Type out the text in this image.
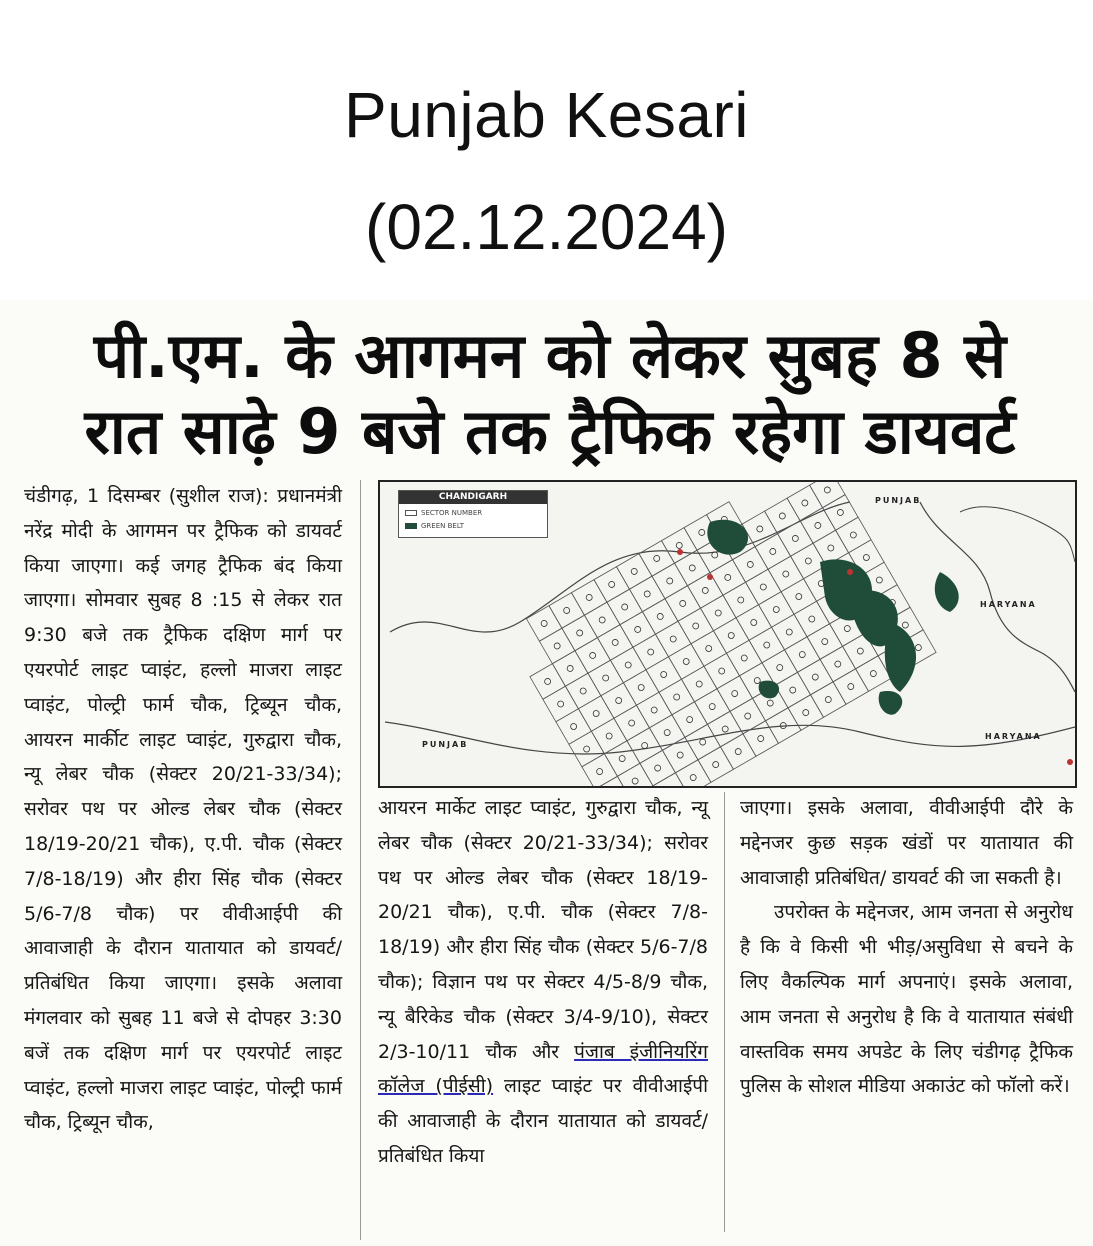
Punjab Kesari
(02.12.2024)
पी.एम. के आगमन को लेकर सुबह 8 से
रात साढ़े 9 बजे तक ट्रैफिक रहेगा डायवर्ट
चंडीगढ़, 1 दिसम्बर (सुशील राज): प्रधानमंत्री नरेंद्र मोदी के आगमन पर ट्रैफिक को डायवर्ट किया जाएगा। कई जगह ट्रैफिक बंद किया जाएगा। सोमवार सुबह 8 :15 से लेकर रात 9:30 बजे तक ट्रैफिक दक्षिण मार्ग पर एयरपोर्ट लाइट प्वाइंट, हल्लो माजरा लाइट प्वाइंट, पोल्ट्री फार्म चौक, ट्रिब्यून चौक, आयरन मार्कीट लाइट प्वाइंट, गुरुद्वारा चौक, न्यू लेबर चौक (सेक्टर 20/21-33/34); सरोवर पथ पर ओल्ड लेबर चौक (सेक्टर 18/19-20/21 चौक), ए.पी. चौक (सेक्टर 7/8-18/19) और हीरा सिंह चौक (सेक्टर 5/6-7/8 चौक) पर वीवीआईपी की आवाजाही के दौरान यातायात को डायवर्ट/प्रतिबंधित किया जाएगा। इसके अलावा मंगलवार को सुबह 11 बजे से दोपहर 3:30 बजें तक दक्षिण मार्ग पर एयरपोर्ट लाइट प्वाइंट, हल्लो माजरा लाइट प्वाइंट, पोल्ट्री फार्म चौक, ट्रिब्यून चौक,
CHANDIGARH
SECTOR NUMBER
GREEN BELT
HARYANA
HARYANA
PUNJAB
PUNJAB
आयरन मार्केट लाइट प्वाइंट, गुरुद्वारा चौक, न्यू लेबर चौक (सेक्टर 20/21-33/34); सरोवर पथ पर ओल्ड लेबर चौक (सेक्टर 18/19-20/21 चौक), ए.पी. चौक (सेक्टर 7/8- 18/19) और हीरा सिंह चौक (सेक्टर 5/6-7/8 चौक); विज्ञान पथ पर सेक्टर 4/5-8/9 चौक, न्यू बैरिकेड चौक (सेक्टर 3/4-9/10), सेक्टर 2/3-10/11 चौक और पंजाब इंजीनियरिंग कॉलेज (पीईसी) लाइट प्वाइंट पर वीवीआईपी की आवाजाही के दौरान यातायात को डायवर्ट/प्रतिबंधित किया
जाएगा। इसके अलावा, वीवीआईपी दौरे के मद्देनजर कुछ सड़क खंडों पर यातायात की आवाजाही प्रतिबंधित/ डायवर्ट की जा सकती है।
उपरोक्त के मद्देनजर, आम जनता से अनुरोध है कि वे किसी भी भीड़/असुविधा से बचने के लिए वैकल्पिक मार्ग अपनाएं। इसके अलावा, आम जनता से अनुरोध है कि वे यातायात संबंधी वास्तविक समय अपडेट के लिए चंडीगढ़ ट्रैफिक पुलिस के सोशल मीडिया अकाउंट को फॉलो करें।
